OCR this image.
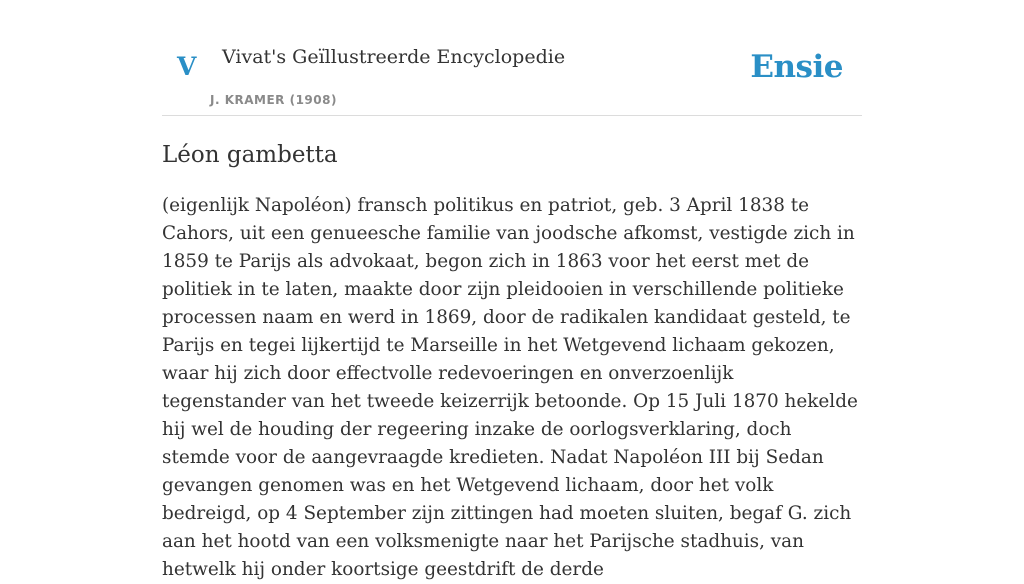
V Vivat's Geïllustreerde Encyclopedie
J. KRAMER (1908)
Ensie
Léon gambetta

(eigenlijk Napoléon) fransch politikus en patriot, geb. 3 April 1838 te Cahors, uit een genueesche familie van joodsche afkomst, vestigde zich in 1859 te Parijs als advokaat, begon zich in 1863 voor het eerst met de politiek in te laten, maakte door zijn pleidooien in verschillende politieke processen naam en werd in 1869, door de radikalen kandidaat gesteld, te Parijs en tegei lijkertijd te Marseille in het Wetgevend lichaam gekozen, waar hij zich door effectvolle redevoeringen en onverzoenlijk tegenstander van het tweede keizerrijk betoonde. Op 15 Juli 1870 hekelde hij wel de houding der regeering inzake de oorlogsverklaring, doch stemde voor de aangevraagde kredieten. Nadat Napoléon III bij Sedan gevangen genomen was en het Wetgevend lichaam, door het volk bedreigd, op 4 September zijn zittingen had moeten sluiten, begaf G. zich aan het hootd van een volksmenigte naar het Parijsche stadhuis, van hetwelk hij onder koortsige geestdrift de derde
